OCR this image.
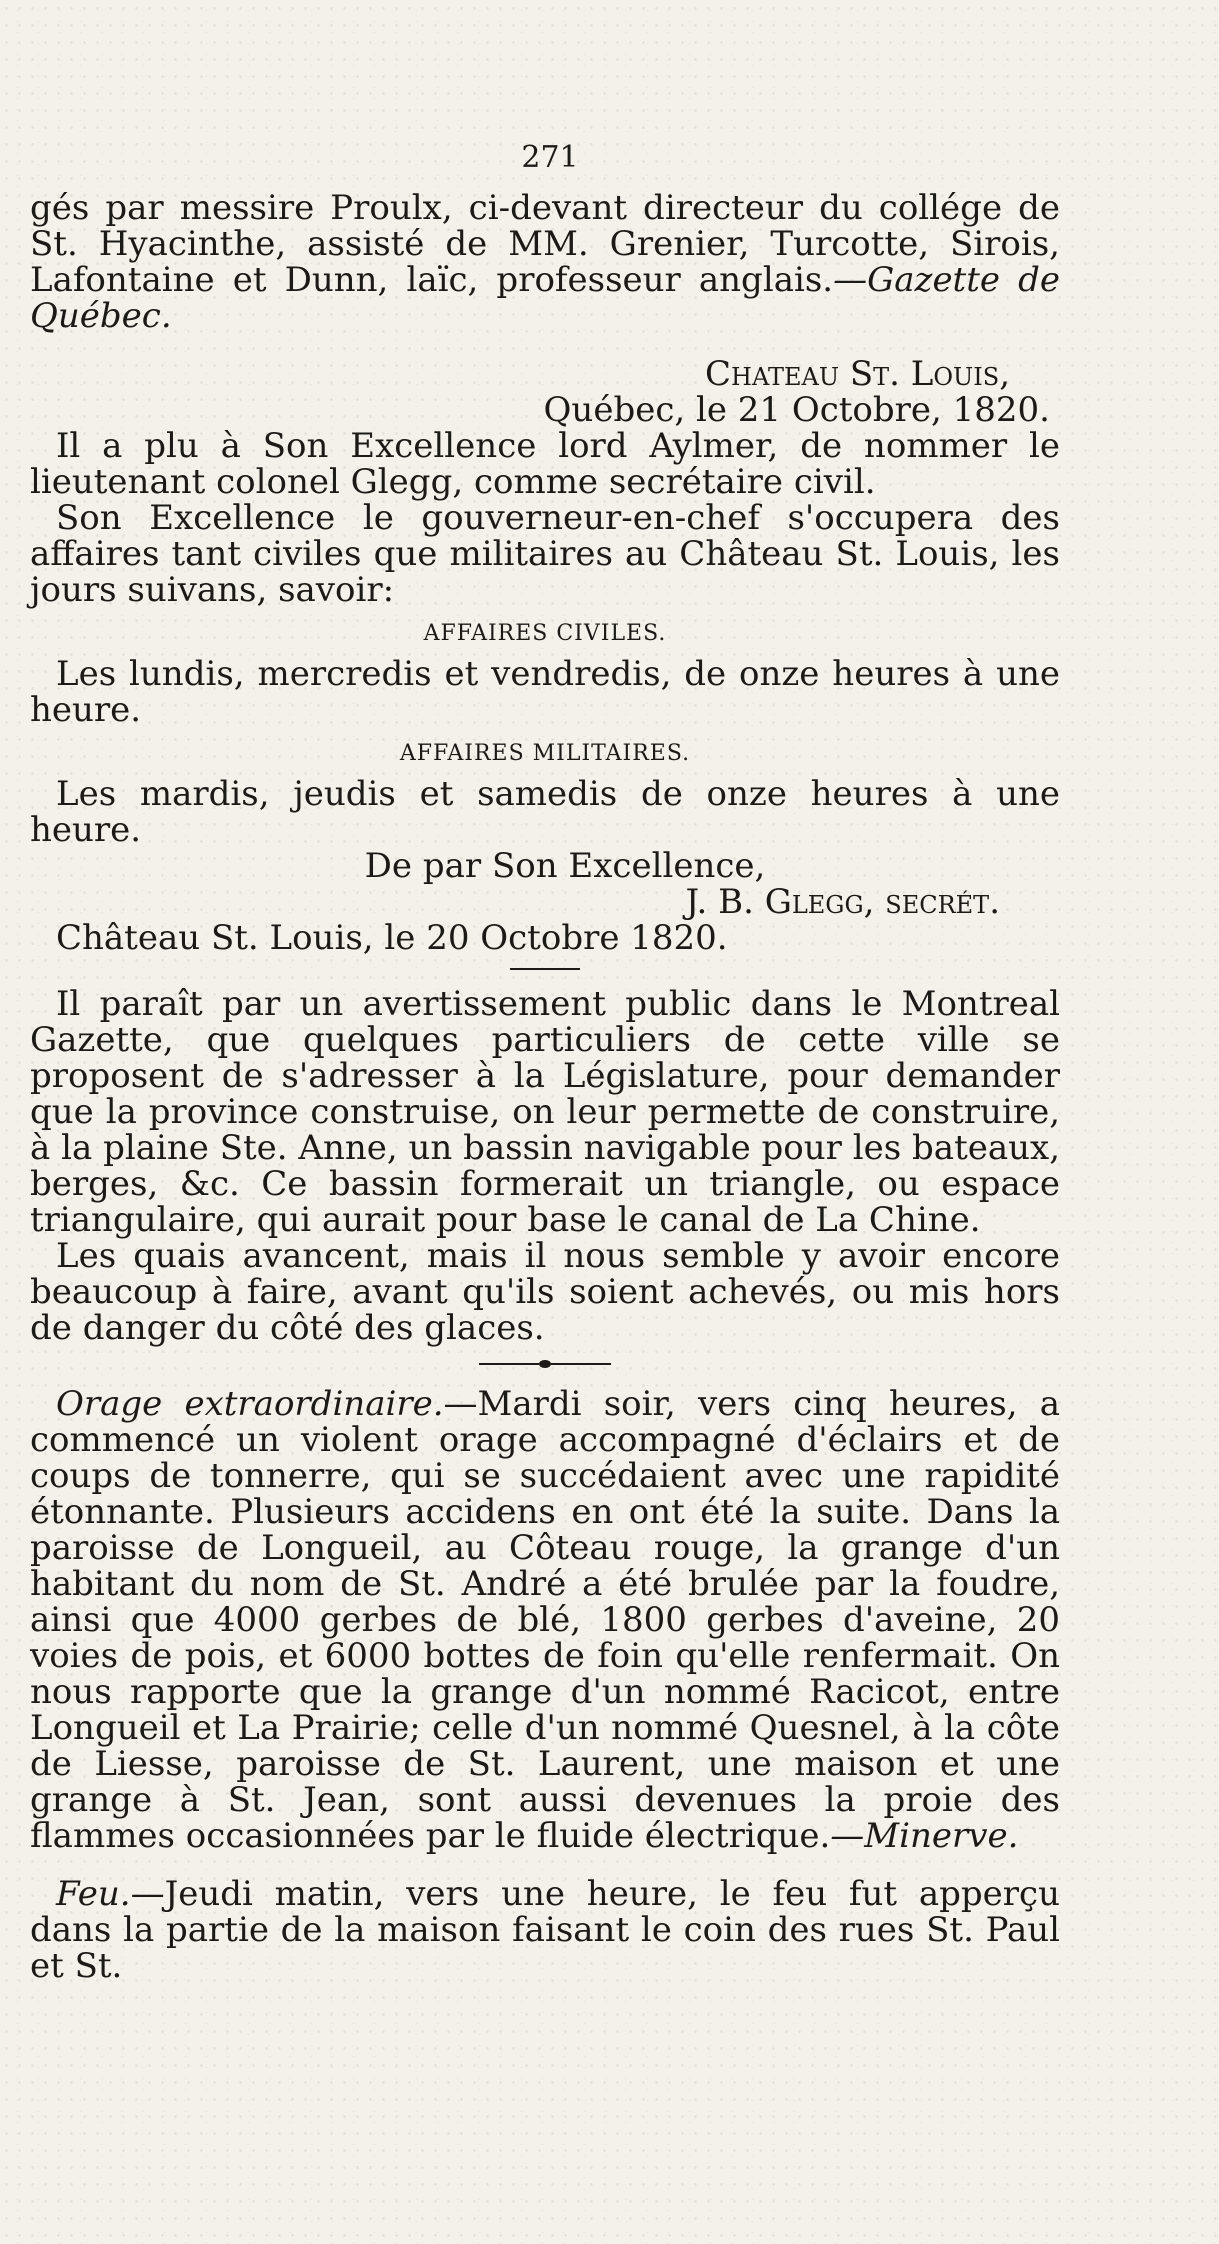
271

gés par messire Proulx, ci-devant directeur du collége de St. Hyacinthe, assisté de MM. Grenier, Turcotte, Sirois, Lafontaine et Dunn, laïc, professeur anglais.—Gazette de Québec.

Chateau St. Louis,

Québec, le 21 Octobre, 1820.

Il a plu à Son Excellence lord Aylmer, de nommer le lieutenant colonel Glegg, comme secrétaire civil.

Son Excellence le gouverneur-en-chef s'occupera des affaires tant civiles que militaires au Château St. Louis, les jours suivans, savoir:

AFFAIRES CIVILES.

Les lundis, mercredis et vendredis, de onze heures à une heure.

AFFAIRES MILITAIRES.

Les mardis, jeudis et samedis de onze heures à une heure.

De par Son Excellence,

J. B. Glegg, secrét.

Château St. Louis, le 20 Octobre 1820.

Il paraît par un avertissement public dans le Montreal Gazette, que quelques particuliers de cette ville se proposent de s'adresser à la Législature, pour demander que la province construise, on leur permette de construire, à la plaine Ste. Anne, un bassin navigable pour les bateaux, berges, &c. Ce bassin formerait un triangle, ou espace triangulaire, qui aurait pour base le canal de La Chine.

Les quais avancent, mais il nous semble y avoir encore beaucoup à faire, avant qu'ils soient achevés, ou mis hors de danger du côté des glaces.

Orage extraordinaire.—Mardi soir, vers cinq heures, a commencé un violent orage accompagné d'éclairs et de coups de tonnerre, qui se succédaient avec une rapidité étonnante. Plusieurs accidens en ont été la suite. Dans la paroisse de Longueil, au Côteau rouge, la grange d'un habitant du nom de St. André a été brulée par la foudre, ainsi que 4000 gerbes de blé, 1800 gerbes d'aveine, 20 voies de pois, et 6000 bottes de foin qu'elle renfermait. On nous rapporte que la grange d'un nommé Racicot, entre Longueil et La Prairie; celle d'un nommé Quesnel, à la côte de Liesse, paroisse de St. Laurent, une maison et une grange à St. Jean, sont aussi devenues la proie des flammes occasionnées par le fluide électrique.—Minerve.

Feu.—Jeudi matin, vers une heure, le feu fut apperçu dans la partie de la maison faisant le coin des rues St. Paul et St.
